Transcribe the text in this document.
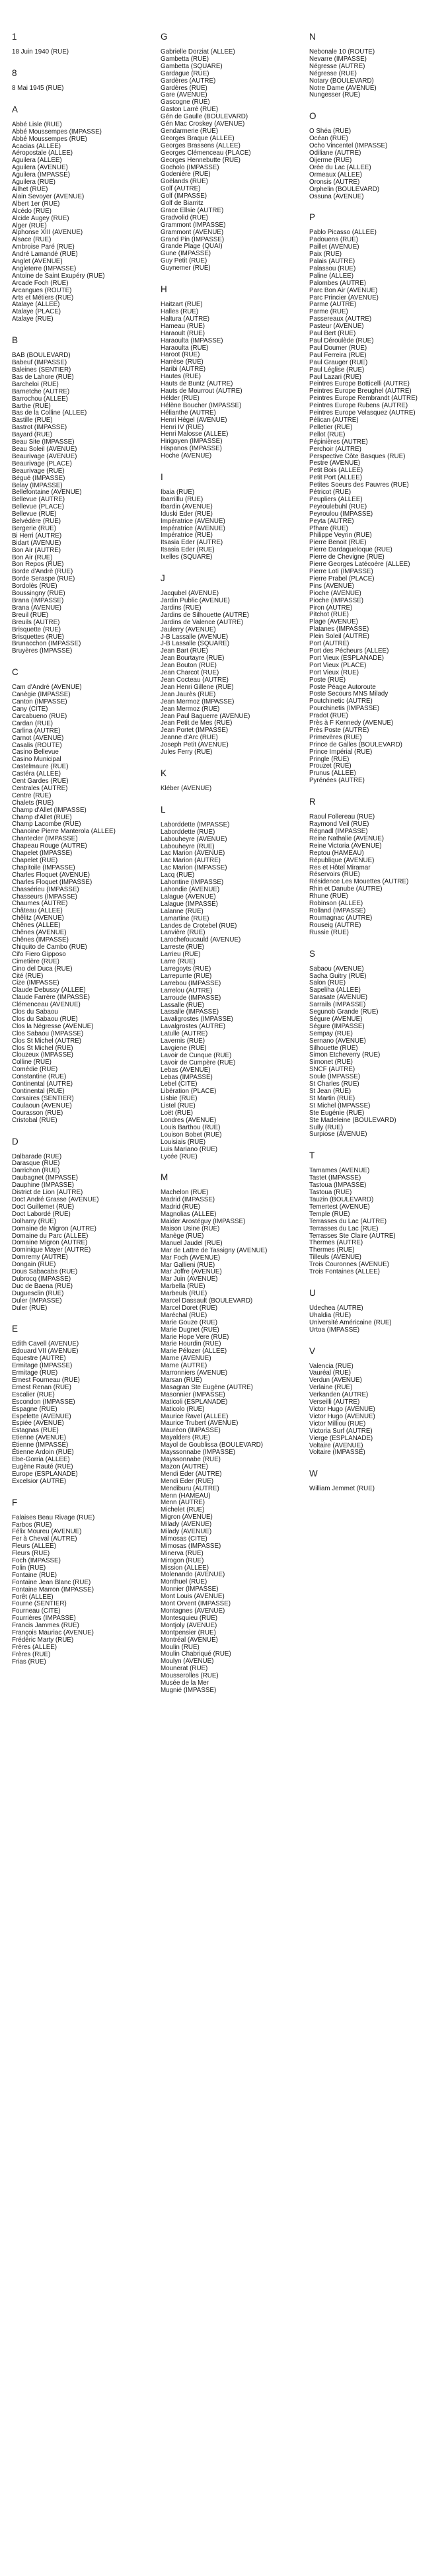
1
18 Juin 1940 (RUE)
8
8 Mai 1945 (RUE)
A
Abbé Lisle (RUE)
Abbé Moussempes (IMPASSE)
Abbé Moussempes (RUE)
Acacias (ALLEE)
Aéropostale (ALLEE)
Aguilera (ALLEE)
Aguilera (AVENUE)
Aguilera (IMPASSE)
Aguilera (RUE)
Ailhet (RUE)
Alain Sevoyer (AVENUE)
Albert 1er (RUE)
Alcédo (RUE)
Alcide Augey (RUE)
Alger (RUE)
Alphonse XIII (AVENUE)
Alsace (RUE)
Ambroise Paré (RUE)
André Lamandé (RUE)
Anglet (AVENUE)
Angleterre (IMPASSE)
Antoine de Saint Exupéry (RUE)
Arcade Foch (RUE)
Arcangues (ROUTE)
Arts et Métiers (RUE)
Atalaye (ALLEE)
Atalaye (PLACE)
Atalaye (RUE)
B
BAB (BOULEVARD)
Babeuf (IMPASSE)
Baleines (SENTIER)
Bas de Lahore (RUE)
Barcheloi (RUE)
Barnetche (AUTRE)
Barrochou (ALLEE)
Barthe (RUE)
Bas de la Colline (ALLEE)
Bastille (RUE)
Bastrot (IMPASSE)
Bayard (RUE)
Beau Site (IMPASSE)
Beau Soleil (AVENUE)
Beaurivage (AVENUE)
Beaurivage (PLACE)
Beaurivage (RUE)
Bégué (IMPASSE)
Belay (IMPASSE)
Bellefontaine (AVENUE)
Bellevue (AUTRE)
Bellevue (PLACE)
Bellevue (RUE)
Belvédère (RUE)
Bergerie (RUE)
Bi Herri (AUTRE)
Bidart (AVENUE)
Bon Air (AUTRE)
Bon Air (RUE)
Bon Repos (RUE)
Borde d'Andrè (RUE)
Borde Seraspe (RUE)
Bordolès (RUE)
Boussingny (RUE)
Brana (IMPASSE)
Brana (AVENUE)
Breuil (RUE)
Breuils (AUTRE)
Brisquette (RUE)
Brisquettes (RUE)
Brunacchon (IMPASSE)
Bruyères (IMPASSE)
C
Cam d'André (AVENUE)
Canègie (IMPASSE)
Canton (IMPASSE)
Cany (CITE)
Carcabueno (RUE)
Cardan (RUE)
Carlina (AUTRE)
Carnot (AVENUE)
Casalis (ROUTE)
Casino Bellevue
Casino Municipal
Castelmaure (RUE)
Castéra (ALLEE)
Cent Gardes (RUE)
Centrales (AUTRE)
Centre (RUE)
Chalets (RUE)
Champ d'Allet (IMPASSE)
Champ d'Allet (RUE)
Champ Lacombe (RUE)
Chanoine Pierre Manterola (ALLEE)
Chantecler (IMPASSE)
Chapeau Rouge (AUTRE)
Chapelet (IMPASSE)
Chapelet (RUE)
Chapitoile (IMPASSE)
Charles Floquet (AVENUE)
Charles Floquet (IMPASSE)
Chassérieu (IMPASSE)
Chasseurs (IMPASSE)
Chaumes (AUTRE)
Château (ALLEE)
Chêlitz (AVENUE)
Chênes (ALLEE)
Chênes (AVENUE)
Chênes (IMPASSE)
Chiquito de Cambo (RUE)
Cifo Fiero Gipposo
Cimetière (RUE)
Cino del Duca (RUE)
Cité (RUE)
Cize (IMPASSE)
Claude Debussy (ALLEE)
Claude Farrère (IMPASSE)
Clémenceau (AVENUE)
Clos du Sabaou
Clos du Sabaou (RUE)
Clos la Négresse (AVENUE)
Clos Sabaou (IMPASSE)
Clos St Michel (AUTRE)
Clos St Michel (RUE)
Clouzeux (IMPASSE)
Colline (RUE)
Comédie (RUE)
Constantine (RUE)
Continental (AUTRE)
Continental (RUE)
Corsaires (SENTIER)
Coulaoun (AVENUE)
Courasson (RUE)
Cristobal (RUE)
D
Dalbarade (RUE)
Darasque (RUE)
Darrichon (RUE)
Daubagnet (IMPASSE)
Dauphine (IMPASSE)
District de Lion (AUTRE)
Doct André Grasse (AVENUE)
Doct Guillemet (RUE)
Doct Labordé (RUE)
Dolharry (RUE)
Domaine de Migron (AUTRE)
Domaine du Parc (ALLEE)
Domaine Migron (AUTRE)
Dominique Mayer (AUTRE)
Domremy (AUTRE)
Dongain (RUE)
Dous Sabacabs (RUE)
Dubrocq (IMPASSE)
Duc de Baena (RUE)
Duguesclin (RUE)
Duler (IMPASSE)
Duler (RUE)
E
Edith Cavell (AVENUE)
Edouard VII (AVENUE)
Equestre (AUTRE)
Ermitage (IMPASSE)
Ermitage (RUE)
Ernest Fourneau (RUE)
Ernest Renan (RUE)
Escalier (RUE)
Escondon (IMPASSE)
Espagne (RUE)
Espelette (AVENUE)
Espiée (AVENUE)
Estagnas (RUE)
Etienne (AVENUE)
Étienne (IMPASSE)
Étienne Ardoin (RUE)
Ebe-Gorria (ALLEE)
Eugène Rauté (RUE)
Europe (ESPLANADE)
Excelsior (AUTRE)
F
Falaises Beau Rivage (RUE)
Farbos (RUE)
Félix Moureu (AVENUE)
Fer à Cheval (AUTRE)
Fleurs (ALLEE)
Fleurs (RUE)
Foch (IMPASSE)
Folin (RUE)
Fontaine (RUE)
Fontaine Jean Blanc (RUE)
Fontaine Marron (IMPASSE)
Forêt (ALLEE)
Fourne (SENTIER)
Fourneau (CITE)
Fourrières (IMPASSE)
Francis Jammes (RUE)
François Mauriac (AVENUE)
Frédéric Marty (RUE)
Frères (ALLEE)
Frères (RUE)
Frias (RUE)
G
Gabrielle Dorziat (ALLEE)
Gambetta (RUE)
Gambetta (SQUARE)
Gardague (RUE)
Gardères (AUTRE)
Gardères (RUE)
Gare (AVENUE)
Gascogne (RUE)
Gaston Larré (RUE)
Gén de Gaulle (BOULEVARD)
Gén Mac Croskey (AVENUE)
Gendarmerie (RUE)
Georges Braque (ALLEE)
Georges Brassens (ALLEE)
Georges Clémenceau (PLACE)
Georges Hennebutte (RUE)
Gocholo (IMPASSE)
Godenière (RUE)
Goëlands (RUE)
Golf (AUTRE)
Golf (IMPASSE)
Golf de Biarritz
Grace Ellsie (AUTRE)
Gradvolid (RUE)
Grammont (IMPASSE)
Grammont (AVENUE)
Grand Pin (IMPASSE)
Grande Plage (QUAI)
Gune (IMPASSE)
Guy Petit (RUE)
Guynemer (RUE)
H
Haitzart (RUE)
Halles (RUE)
Haltura (AUTRE)
Hameau (RUE)
Haraoult (RUE)
Haraoulta (IMPASSE)
Haraoulta (RUE)
Haroot (RUE)
Harrèse (RUE)
Haribi (AUTRE)
Hautes (RUE)
Hauts de Buntz (AUTRE)
Hauts de Mourrout (AUTRE)
Hélder (RUE)
Hélène Boucher (IMPASSE)
Hélianthe (AUTRE)
Henri Hégel (AVENUE)
Henri IV (RUE)
Henri Malosse (ALLEE)
Hirigoyen (IMPASSE)
Hispanos (IMPASSE)
Hoche (AVENUE)
I
Ibaia (RUE)
Ibarrilllu (RUE)
Ibardin (AVENUE)
Iduski Eder (RUE)
Impératrice (AVENUE)
Impératrice (AVENUE)
Impératrice (RUE)
Itsasia Eder (AUTRE)
Itsasia Eder (RUE)
Ixelles (SQUARE)
J
Jacqubel (AVENUE)
Jardin Public (AVENUE)
Jardins (RUE)
Jardins de Silhouette (AUTRE)
Jardins de Valence (AUTRE)
Jaulerry (AVENUE)
J-B Lassalle (AVENUE)
J-B Lassalle (SQUARE)
Jean Bart (RUE)
Jean Bourtayre (RUE)
Jean Bouton (RUE)
Jean Charcot (RUE)
Jean Cocteau (AUTRE)
Jean Henri Gillene (RUE)
Jean Jaurès (RUE)
Jean Mermoz (IMPASSE)
Jean Mermoz (RUE)
Jean Paul Baguerre (AVENUE)
Jean Petit de Mes (RUE)
Jean Portet (IMPASSE)
Jeanne d'Arc (RUE)
Joseph Petit (AVENUE)
Jules Ferry (RUE)
K
Kléber (AVENUE)
L
Laborddette (IMPASSE)
Laborddette (RUE)
Labouheyre (AVENUE)
Labouheyre (RUE)
Lac Marion (AVENUE)
Lac Marion (AUTRE)
Lac Marion (IMPASSE)
Lacq (RUE)
Lahontine (IMPASSE)
Lahondie (AVENUE)
Lalague (AVENUE)
Lalague (IMPASSE)
Lalanne (RUE)
Lamartine (RUE)
Landes de Crotebel (RUE)
Lanvière (RUE)
Larochefoucauld (AVENUE)
Larreste (RUE)
Larrieu (RUE)
Larre (RUE)
Larregoyts (RUE)
Larrepunte (RUE)
Larrebou (IMPASSE)
Larrelou (AUTRE)
Larroude (IMPASSE)
Lassalle (RUE)
Lassalle (IMPASSE)
Lavaligrostes (IMPASSE)
Lavalgrostes (AUTRE)
Latulle (AUTRE)
Lavernis (RUE)
Lavgiene (RUE)
Lavoir de Cunque (RUE)
Lavoir de Cumpère (RUE)
Lebas (AVENUE)
Lebas (IMPASSE)
Lebel (CITE)
Libération (PLACE)
Lisbie (RUE)
Listel (RUE)
Loët (RUE)
Londres (AVENUE)
Louis Barthou (RUE)
Louison Bobet (RUE)
Louisiais (RUE)
Luis Mariano (RUE)
Lycée (RUE)
M
Machelon (RUE)
Madrid (IMPASSE)
Madrid (RUE)
Magnolias (ALLEE)
Maider Arostéguy (IMPASSE)
Maison Usine (RUE)
Manège (RUE)
Manuel Jaudel (RUE)
Mar de Lattre de Tassigny (AVENUE)
Mar Foch (AVENUE)
Mar Gallieni (RUE)
Mar Joffre (AVENUE)
Mar Juin (AVENUE)
Marbella (RUE)
Marbeuls (RUE)
Marcel Dassault (BOULEVARD)
Marcel Doret (RUE)
Maréchal (RUE)
Marie Gouze (RUE)
Marie Dugnet (RUE)
Marie Hope Vere (RUE)
Marie Hourdin (RUE)
Marie Pélozer (ALLEE)
Marne (AVENUE)
Marne (AUTRE)
Marronniers (AVENUE)
Marsan (RUE)
Masagran Ste Eugène (AUTRE)
Masonnier (IMPASSE)
Maticoli (ESPLANADE)
Maticolo (RUE)
Maurice Ravel (ALLEE)
Maurice Trubert (AVENUE)
Mauréon (IMPASSE)
Mayalders (RUE)
Mayol de Goublissa (BOULEVARD)
Mayssonnabe (IMPASSE)
Mayssonnabe (RUE)
Mazon (AUTRE)
Mendi Eder (AUTRE)
Mendi Eder (RUE)
Mendiburu (AUTRE)
Menn (HAMEAU)
Menn (AUTRE)
Michelet (RUE)
Migron (AVENUE)
Milady (AVENUE)
Milady (AVENUE)
Mimosas (CITE)
Mimosas (IMPASSE)
Minerva (RUE)
Mirogon (RUE)
Mission (ALLEE)
Molenando (AVENUE)
Monthuel (RUE)
Monnier (IMPASSE)
Mont Louis (AVENUE)
Mont Orvent (IMPASSE)
Montagnes (AVENUE)
Montesquieu (RUE)
Montjoly (AVENUE)
Montpensier (RUE)
Montréal (AVENUE)
Moulin (RUE)
Moulin Chabriqué (RUE)
Moulyn (AVENUE)
Mounerat (RUE)
Mousserolles (RUE)
Musée de la Mer
Mugnié (IMPASSE)
N
Nebonale 10 (ROUTE)
Nevarre (IMPASSE)
Négresse (AUTRE)
Négresse (RUE)
Notary (BOULEVARD)
Notre Dame (AVENUE)
Nungesser (RUE)
O
O Shéa (RUE)
Océan (RUE)
Ocho Vincentel (IMPASSE)
Odiliane (AUTRE)
Oijerme (RUE)
Orée du Lac (ALLEE)
Ormeaux (ALLEE)
Oronsis (AUTRE)
Orphelin (BOULEVARD)
Ossuna (AVENUE)
P
Pablo Picasso (ALLEE)
Padouens (RUE)
Paillet (AVENUE)
Paix (RUE)
Palais (AUTRE)
Palassou (RUE)
Paline (ALLEE)
Palombes (AUTRE)
Parc Bon Air (AVENUE)
Parc Princier (AVENUE)
Parme (AUTRE)
Parme (RUE)
Passereaux (AUTRE)
Pasteur (AVENUE)
Paul Bert (RUE)
Paul Déroulède (RUE)
Paul Doumer (RUE)
Paul Ferreira (RUE)
Paul Grauger (RUE)
Paul Léglise (RUE)
Paul Lazari (RUE)
Peintres Europe Botticelli (AUTRE)
Peintres Europe Breughel (AUTRE)
Peintres Europe Rembrandt (AUTRE)
Peintres Europe Rubens (AUTRE)
Peintres Europe Velasquez (AUTRE)
Pélican (AUTRE)
Pelletier (RUE)
Pellot (RUE)
Pépinières (AUTRE)
Perchoir (AUTRE)
Perspective Côte Basques (RUE)
Pestre (AVENUE)
Petit Bois (ALLEE)
Petit Port (ALLEE)
Petites Soeurs des Pauvres (RUE)
Pétricot (RUE)
Peupliers (ALLEE)
Peyroulebuhl (RUE)
Peyroulou (IMPASSE)
Peyta (AUTRE)
Pfhare (RUE)
Philippe Veyrin (RUE)
Pierre Benoit (RUE)
Pierre Dardagueloque (RUE)
Pierre de Chevigne (RUE)
Pierre Georges Latécoère (ALLEE)
Pierre Loti (IMPASSE)
Pierre Prabel (PLACE)
Pins (AVENUE)
Pioche (AVENUE)
Pioche (IMPASSE)
Piron (AUTRE)
Pitchot (RUE)
Plage (AVENUE)
Platanes (IMPASSE)
Plein Soleil (AUTRE)
Port (AUTRE)
Port des Pécheurs (ALLEE)
Port Vieux (ESPLANADE)
Port Vieux (PLACE)
Port Vieux (RUE)
Poste (RUE)
Poste Péage Autoroute
Poste Secours MNS Milady
Poutchinetic (AUTRE)
Pourchinetis (IMPASSE)
Pradot (RUE)
Près à F Kennedy (AVENUE)
Près Poste (AUTRE)
Primevères (RUE)
Prince de Galles (BOULEVARD)
Prince Impérial (RUE)
Pringle (RUE)
Prouzet (RUE)
Prunus (ALLEE)
Pyrénées (AUTRE)
R
Raoul Follereau (RUE)
Raymond Veil (RUE)
Régnadl (IMPASSE)
Reine Nathalie (AVENUE)
Reine Victoria (AVENUE)
Reptou (HAMEAU)
République (AVENUE)
Res et Hôtel Miramar
Réservoirs (RUE)
Résidence Les Mouettes (AUTRE)
Rhin et Danube (AUTRE)
Rhune (RUE)
Robinson (ALLEE)
Rolland (IMPASSE)
Roumagnac (AUTRE)
Rouseig (AUTRE)
Russie (RUE)
S
Sabaou (AVENUE)
Sacha Guitry (RUE)
Salon (RUE)
Sapeliha (ALLEE)
Sarasate (AVENUE)
Sarrails (IMPASSE)
Segunob Grande (RUE)
Ségure (AVENUE)
Ségure (IMPASSE)
Sempay (RUE)
Sernano (AVENUE)
Silhouette (RUE)
Simon Etcheverry (RUE)
Simonet (RUE)
SNCF (AUTRE)
Soule (IMPASSE)
St Charles (RUE)
St Jean (RUE)
St Martin (RUE)
St Michel (IMPASSE)
Ste Eugénie (RUE)
Ste Madeleine (BOULEVARD)
Sully (RUE)
Surpiose (AVENUE)
T
Tamames (AVENUE)
Tastet (IMPASSE)
Tastoua (IMPASSE)
Tastoua (RUE)
Tauzin (BOULEVARD)
Temertest (AVENUE)
Temple (RUE)
Terrasses du Lac (AUTRE)
Terrasses du Lac (RUE)
Terrasses Ste Claire (AUTRE)
Thermes (AUTRE)
Thermes (RUE)
Tilleuls (AVENUE)
Trois Couronnes (AVENUE)
Trois Fontaines (ALLEE)
U
Udechea (AUTRE)
Uhaldia (RUE)
Université Américaine (RUE)
Urtoa (IMPASSE)
V
Valencia (RUE)
Vauréal (RUE)
Verdun (AVENUE)
Verlaine (RUE)
Verkanden (AUTRE)
Verseilli (AUTRE)
Victor Hugo (AVENUE)
Victor Hugo (AVENUE)
Victor Milliou (RUE)
Victoria Surf (AUTRE)
Vierge (ESPLANADE)
Voltaire (AVENUE)
Voltaire (IMPASSE)
W
William Jemmet (RUE)
